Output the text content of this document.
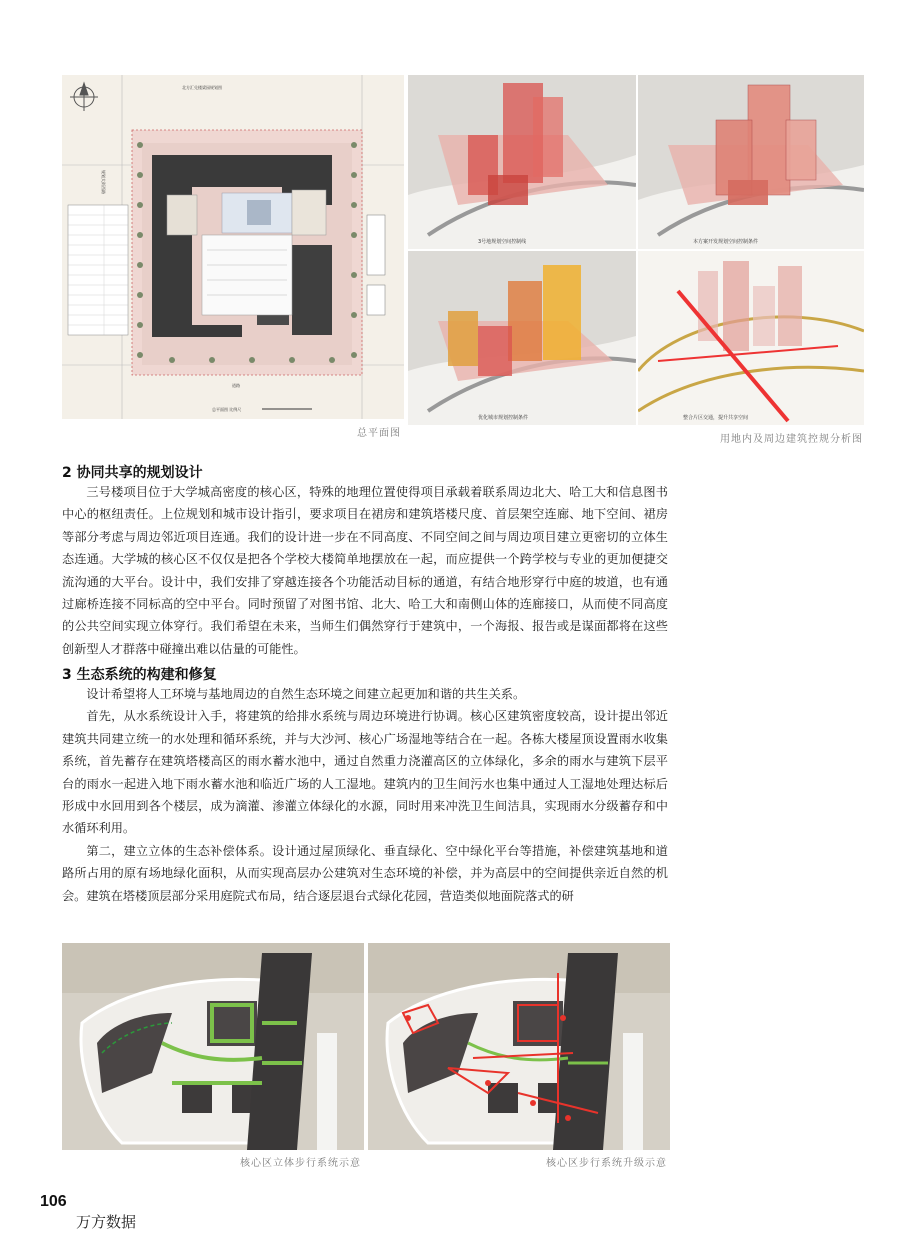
北方汇兑楼梁园规划图
规划大街西路
道路
总平面图 比例尺
总平面图
3号地规划空间控制线	本方案开发规划空间控制条件
优化城市规划控制条件	整合片区交通，提升共享空间
用地内及周边建筑控规分析图
2 协同共享的规划设计

三号楼项目位于大学城高密度的核心区，特殊的地理位置使得项目承载着联系周边北大、哈工大和信息图书中心的枢纽责任。上位规划和城市设计指引，要求项目在裙房和建筑塔楼尺度、首层架空连廊、地下空间、裙房等部分考虑与周边邻近项目连通。我们的设计进一步在不同高度、不同空间之间与周边项目建立更密切的立体生态连通。大学城的核心区不仅仅是把各个学校大楼简单地摆放在一起，而应提供一个跨学校与专业的更加便捷交流沟通的大平台。设计中，我们安排了穿越连接各个功能活动目标的通道，有结合地形穿行中庭的坡道，也有通过廊桥连接不同标高的空中平台。同时预留了对图书馆、北大、哈工大和南侧山体的连廊接口，从而使不同高度的公共空间实现立体穿行。我们希望在未来，当师生们偶然穿行于建筑中，一个海报、报告或是谋面都将在这些创新型人才群落中碰撞出难以估量的可能性。

3 生态系统的构建和修复

设计希望将人工环境与基地周边的自然生态环境之间建立起更加和谐的共生关系。

首先，从水系统设计入手，将建筑的给排水系统与周边环境进行协调。核心区建筑密度较高，设计提出邻近建筑共同建立统一的水处理和循环系统，并与大沙河、核心广场湿地等结合在一起。各栋大楼屋顶设置雨水收集系统，首先蓄存在建筑塔楼高区的雨水蓄水池中，通过自然重力浇灌高区的立体绿化，多余的雨水与建筑下层平台的雨水一起进入地下雨水蓄水池和临近广场的人工湿地。建筑内的卫生间污水也集中通过人工湿地处理达标后形成中水回用到各个楼层，成为滴灌、渗灌立体绿化的水源，同时用来冲洗卫生间洁具，实现雨水分级蓄存和中水循环利用。

第二，建立立体的生态补偿体系。设计通过屋顶绿化、垂直绿化、空中绿化平台等措施，补偿建筑基地和道路所占用的原有场地绿化面积，从而实现高层办公建筑对生态环境的补偿，并为高层中的空间提供亲近自然的机会。建筑在塔楼顶层部分采用庭院式布局，结合逐层退台式绿化花园，营造类似地面院落式的研

核心区立体步行系统示意	核心区步行系统升级示意
106
万方数据
